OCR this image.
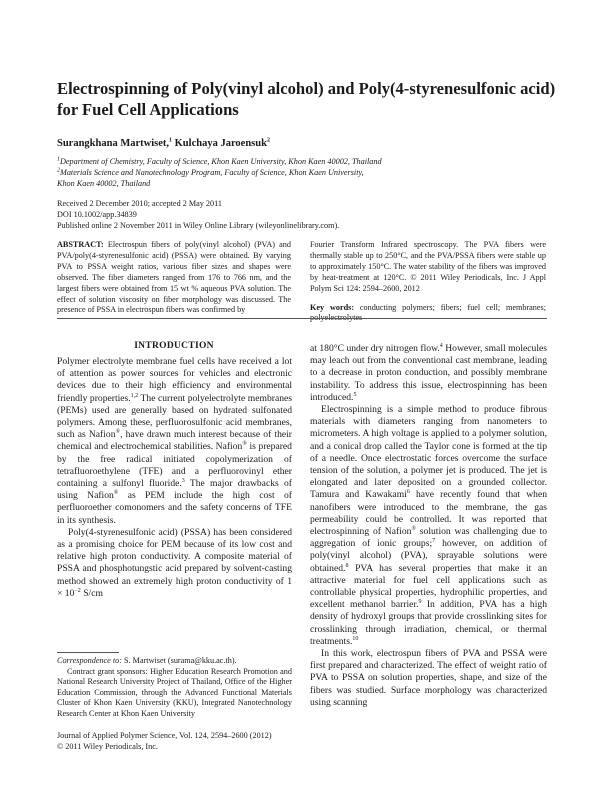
Electrospinning of Poly(vinyl alcohol) and Poly(4-styrenesulfonic acid) for Fuel Cell Applications
Surangkhana Martwiset,$^1$ Kulchaya Jaroensuk$^2$
$^1$Department of Chemistry, Faculty of Science, Khon Kaen University, Khon Kaen 40002, Thailand
$^2$Materials Science and Nanotechnology Program, Faculty of Science, Khon Kaen University,
Khon Kaen 40002, Thailand
Received 2 December 2010; accepted 2 May 2011
DOI 10.1002/app.34839
Published online 2 November 2011 in Wiley Online Library (wileyonlinelibrary.com).

ABSTRACT: Electrospun fibers of poly(vinyl alcohol) (PVA) and PVA/poly(4-styrenesulfonic acid) (PSSA) were obtained. By varying PVA to PSSA weight ratios, various fiber sizes and shapes were observed. The fiber diameters ranged from 176 to 766 nm, and the largest fibers were obtained from 15 wt % aqueous PVA solution. The effect of solution viscosity on fiber morphology was discussed. The presence of PSSA in electrospun fibers was confirmed by

Fourier Transform Infrared spectroscopy. The PVA fibers were thermally stable up to 250°C, and the PVA/PSSA fibers were stable up to approximately 150°C. The water stability of the fibers was improved by heat-treatment at 120°C. © 2011 Wiley Periodicals, Inc. J Appl Polym Sci 124: 2594–2600, 2012

Key words: conducting polymers; fibers; fuel cell; membranes; polyelectrolytes

INTRODUCTION

Polymer electrolyte membrane fuel cells have received a lot of attention as power sources for vehicles and electronic devices due to their high efficiency and environmental friendly properties.$^{1,2}$ The current polyelectrolyte membranes (PEMs) used are generally based on hydrated sulfonated polymers. Among these, perfluorosulfonic acid membranes, such as Nafion®, have drawn much interest because of their chemical and electrochemical stabilities. Nafion® is prepared by the free radical initiated copolymerization of tetrafluoroethylene (TFE) and a perfluorovinyl ether containing a sulfonyl fluoride.$^3$ The major drawbacks of using Nafion® as PEM include the high cost of perfluoroether comonomers and the safety concerns of TFE in its synthesis.

Poly(4-styrenesulfonic acid) (PSSA) has been considered as a promising choice for PEM because of its low cost and relative high proton conductivity. A composite material of PSSA and phosphotungstic acid prepared by solvent-casting method showed an extremely high proton conductivity of $1 \times 10^{-2}$ S/cm

Correspondence to: S. Martwiset (surama@kku.ac.th).

Contract grant sponsors: Higher Education Research Promotion and National Research University Project of Thailand, Office of the Higher Education Commission, through the Advanced Functional Materials Cluster of Khon Kaen University (KKU), Integrated Nanotechnology Research Center at Khon Kaen University

Journal of Applied Polymer Science, Vol. 124, 2594–2600 (2012)

© 2011 Wiley Periodicals, Inc.

at 180°C under dry nitrogen flow.$^4$ However, small molecules may leach out from the conventional cast membrane, leading to a decrease in proton conduction, and possibly membrane instability. To address this issue, electrospinning has been introduced.$^5$

Electrospinning is a simple method to produce fibrous materials with diameters ranging from nanometers to micrometers. A high voltage is applied to a polymer solution, and a conical drop called the Taylor cone is formed at the tip of a needle. Once electrostatic forces overcome the surface tension of the solution, a polymer jet is produced. The jet is elongated and later deposited on a grounded collector. Tamura and Kawakami$^6$ have recently found that when nanofibers were introduced to the membrane, the gas permeability could be controlled. It was reported that electrospinning of Nafion® solution was challenging due to aggregation of ionic groups;$^7$ however, on addition of poly(vinyl alcohol) (PVA), sprayable solutions were obtained.$^8$ PVA has several properties that make it an attractive material for fuel cell applications such as controllable physical properties, hydrophilic properties, and excellent methanol barrier.$^9$ In addition, PVA has a high density of hydroxyl groups that provide crosslinking sites for crosslinking through irradiation, chemical, or thermal treatments.$^{10}$

In this work, electrospun fibers of PVA and PSSA were first prepared and characterized. The effect of weight ratio of PVA to PSSA on solution properties, shape, and size of the fibers was studied. Surface morphology was characterized using scanning
